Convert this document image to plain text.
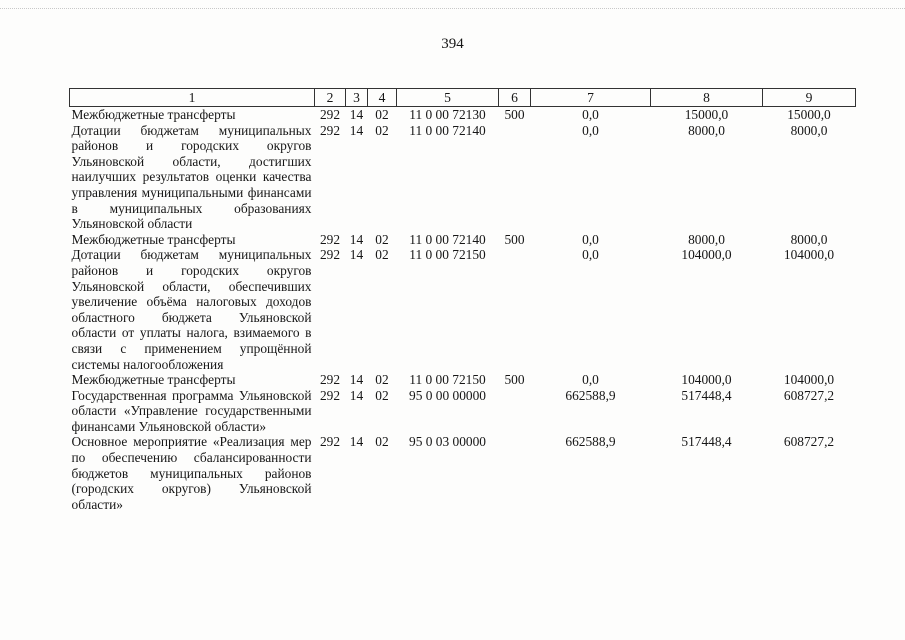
394
1	2	3	4	5	6	7	8	9
Межбюджетные трансферты	292	14	02	11 0 00 72130	500	0,0	15000,0	15000,0
Дотации бюджетам муниципальных районов и городских округов Ульяновской области, достигших наилучших результатов оценки качества управления муниципальными финансами в муниципальных образованиях Ульяновской области	292	14	02	11 0 00 72140		0,0	8000,0	8000,0
Межбюджетные трансферты	292	14	02	11 0 00 72140	500	0,0	8000,0	8000,0
Дотации бюджетам муниципальных районов и городских округов Ульяновской области, обеспечивших увеличение объёма налоговых доходов областного бюджета Ульяновской области от уплаты налога, взимаемого в связи с применением упрощённой системы налогообложения	292	14	02	11 0 00 72150		0,0	104000,0	104000,0
Межбюджетные трансферты	292	14	02	11 0 00 72150	500	0,0	104000,0	104000,0
Государственная программа Ульяновской области «Управление государственными финансами Ульяновской области»	292	14	02	95 0 00 00000		662588,9	517448,4	608727,2
Основное мероприятие «Реализация мер по обеспечению сбалансированности бюджетов муниципальных районов (городских округов) Ульяновской области»	292	14	02	95 0 03 00000		662588,9	517448,4	608727,2
